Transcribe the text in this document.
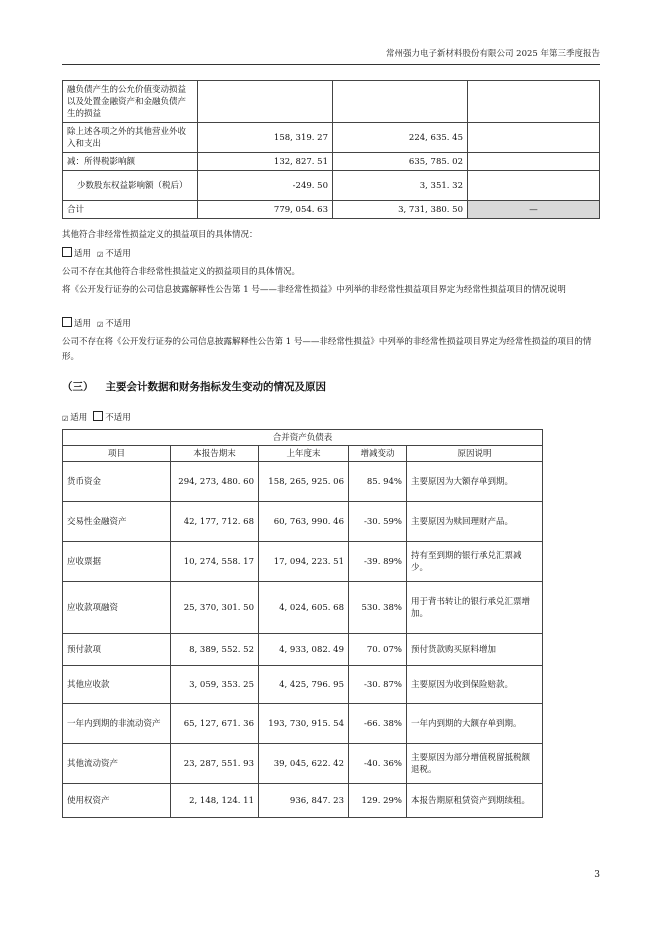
常州强力电子新材料股份有限公司 2025 年第三季度报告
融负债产生的公允价值变动损益以及处置金融资产和金融负债产生的损益			
除上述各项之外的其他营业外收入和支出	158, 319. 27	224, 635. 45	
减：所得税影响额	132, 827. 51	635, 785. 02	
少数股东权益影响额（税后）	-249. 50	3, 351. 32	
合计	779, 054. 63	3, 731, 380. 50	—
其他符合非经常性损益定义的损益项目的具体情况：
适用 ☑ 不适用
公司不存在其他符合非经常性损益定义的损益项目的具体情况。
将《公开发行证券的公司信息披露解释性公告第 1 号——非经常性损益》中列举的非经常性损益项目界定为经常性损益项目的情况说明
适用 ☑ 不适用
公司不存在将《公开发行证券的公司信息披露解释性公告第 1 号——非经常性损益》中列举的非经常性损益项目界定为经常性损益的项目的情形。
（三） 主要会计数据和财务指标发生变动的情况及原因
☑ 适用 不适用
合并资产负债表				
项目	本报告期末	上年度末	增减变动	原因说明
货币资金	294, 273, 480. 60	158, 265, 925. 06	85. 94%	主要原因为大额存单到期。
交易性金融资产	42, 177, 712. 68	60, 763, 990. 46	-30. 59%	主要原因为赎回理财产品。
应收票据	10, 274, 558. 17	17, 094, 223. 51	-39. 89%	持有至到期的银行承兑汇票减少。
应收款项融资	25, 370, 301. 50	4, 024, 605. 68	530. 38%	用于背书转让的银行承兑汇票增加。
预付款项	8, 389, 552. 52	4, 933, 082. 49	70. 07%	预付货款购买原料增加
其他应收款	3, 059, 353. 25	4, 425, 796. 95	-30. 87%	主要原因为收到保险赔款。
一年内到期的非流动资产	65, 127, 671. 36	193, 730, 915. 54	-66. 38%	一年内到期的大额存单到期。
其他流动资产	23, 287, 551. 93	39, 045, 622. 42	-40. 36%	主要原因为部分增值税留抵税额退税。
使用权资产	2, 148, 124. 11	936, 847. 23	129. 29%	本报告期原租赁资产到期续租。
3
